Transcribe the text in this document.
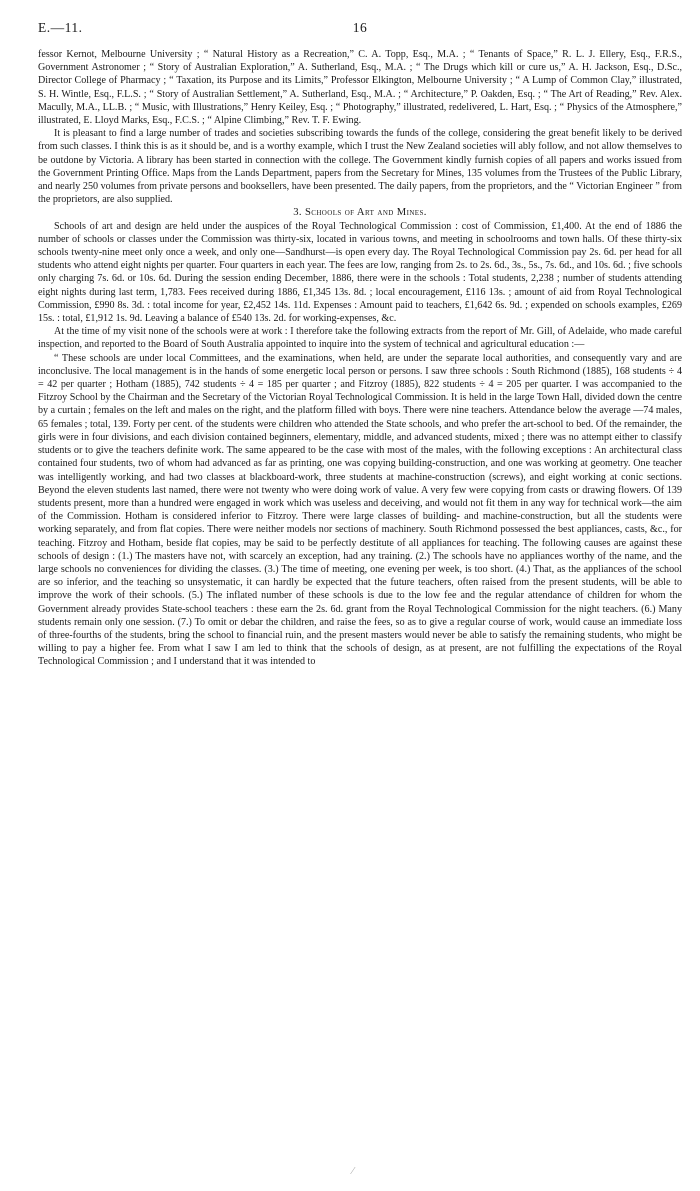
E.—11.	16

fessor Kernot, Melbourne University ; “ Natural History as a Recreation,” C. A. Topp, Esq., M.A. ; “ Tenants of Space,” R. L. J. Ellery, Esq., F.R.S., Government Astronomer ; “ Story of Australian Exploration,” A. Sutherland, Esq., M.A. ; “ The Drugs which kill or cure us,” A. H. Jackson, Esq., D.Sc., Director College of Pharmacy ; “ Taxation, its Purpose and its Limits,” Professor Elkington, Melbourne University ; “ A Lump of Common Clay,” illustrated, S. H. Wintle, Esq., F.L.S. ; “ Story of Australian Settlement,” A. Sutherland, Esq., M.A. ; “ Architecture,” P. Oakden, Esq. ; “ The Art of Reading,” Rev. Alex. Macully, M.A., LL.B. ; “ Music, with Illustrations,” Henry Keiley, Esq. ; “ Photography,” illustrated, redelivered, L. Hart, Esq. ; “ Physics of the Atmosphere,” illustrated, E. Lloyd Marks, Esq., F.C.S. ; “ Alpine Climbing,” Rev. T. F. Ewing.

It is pleasant to find a large number of trades and societies subscribing towards the funds of the college, considering the great benefit likely to be derived from such classes. I think this is as it should be, and is a worthy example, which I trust the New Zealand societies will ably follow, and not allow themselves to be outdone by Victoria. A library has been started in connection with the college. The Government kindly furnish copies of all papers and works issued from the Government Printing Office. Maps from the Lands Department, papers from the Secretary for Mines, 135 volumes from the Trustees of the Public Library, and nearly 250 volumes from private persons and booksellers, have been presented. The daily papers, from the proprietors, and the “ Victorian Engineer ” from the proprietors, are also supplied.

3. Schools of Art and Mines.

Schools of art and design are held under the auspices of the Royal Technological Commission : cost of Commission, £1,400. At the end of 1886 the number of schools or classes under the Commission was thirty-six, located in various towns, and meeting in schoolrooms and town halls. Of these thirty-six schools twenty-nine meet only once a week, and only one—Sandhurst—is open every day. The Royal Technological Commission pay 2s. 6d. per head for all students who attend eight nights per quarter. Four quarters in each year. The fees are low, ranging from 2s. to 2s. 6d., 3s., 5s., 7s. 6d., and 10s. 6d. ; five schools only charging 7s. 6d. or 10s. 6d. During the session ending December, 1886, there were in the schools : Total students, 2,238 ; number of students attending eight nights during last term, 1,783. Fees received during 1886, £1,345 13s. 8d. ; local encouragement, £116 13s. ; amount of aid from Royal Technological Commission, £990 8s. 3d. : total income for year, £2,452 14s. 11d. Expenses : Amount paid to teachers, £1,642 6s. 9d. ; expended on schools examples, £269 15s. : total, £1,912 1s. 9d. Leaving a balance of £540 13s. 2d. for working-expenses, &c.

At the time of my visit none of the schools were at work : I therefore take the following extracts from the report of Mr. Gill, of Adelaide, who made careful inspection, and reported to the Board of South Australia appointed to inquire into the system of technical and agricultural education :—

“ These schools are under local Committees, and the examinations, when held, are under the separate local authorities, and consequently vary and are inconclusive. The local management is in the hands of some energetic local person or persons. I saw three schools : South Richmond (1885), 168 students ÷ 4 = 42 per quarter ; Hotham (1885), 742 students ÷ 4 = 185 per quarter ; and Fitzroy (1885), 822 students ÷ 4 = 205 per quarter. I was accompanied to the Fitzroy School by the Chairman and the Secretary of the Victorian Royal Technological Commission. It is held in the large Town Hall, divided down the centre by a curtain ; females on the left and males on the right, and the platform filled with boys. There were nine teachers. Attendance below the average —74 males, 65 females ; total, 139. Forty per cent. of the students were children who attended the State schools, and who prefer the art-school to bed. Of the remainder, the girls were in four divisions, and each division contained beginners, elementary, middle, and advanced students, mixed ; there was no attempt either to classify students or to give the teachers definite work. The same appeared to be the case with most of the males, with the following exceptions : An architectural class contained four students, two of whom had advanced as far as printing, one was copying building-construction, and one was working at geometry. One teacher was intelligently working, and had two classes at blackboard-work, three students at machine-construction (screws), and eight working at conic sections. Beyond the eleven students last named, there were not twenty who were doing work of value. A very few were copying from casts or drawing flowers. Of 139 students present, more than a hundred were engaged in work which was useless and deceiving, and would not fit them in any way for technical work—the aim of the Commission. Hotham is considered inferior to Fitzroy. There were large classes of building- and machine-construction, but all the students were working separately, and from flat copies. There were neither models nor sections of machinery. South Richmond possessed the best appliances, casts, &c., for teaching. Fitzroy and Hotham, beside flat copies, may be said to be perfectly destitute of all appliances for teaching. The following causes are against these schools of design : (1.) The masters have not, with scarcely an exception, had any training. (2.) The schools have no appliances worthy of the name, and the large schools no conveniences for dividing the classes. (3.) The time of meeting, one evening per week, is too short. (4.) That, as the appliances of the school are so inferior, and the teaching so unsystematic, it can hardly be expected that the future teachers, often raised from the present students, will be able to improve the work of their schools. (5.) The inflated number of these schools is due to the low fee and the regular attendance of children for whom the Government already provides State-school teachers : these earn the 2s. 6d. grant from the Royal Technological Commission for the night teachers. (6.) Many students remain only one session. (7.) To omit or debar the children, and raise the fees, so as to give a regular course of work, would cause an immediate loss of three-fourths of the students, bring the school to financial ruin, and the present masters would never be able to satisfy the remaining students, who might be willing to pay a higher fee. From what I saw I am led to think that the schools of design, as at present, are not fulfilling the expectations of the Royal Technological Commission ; and I understand that it was intended to

⁄
